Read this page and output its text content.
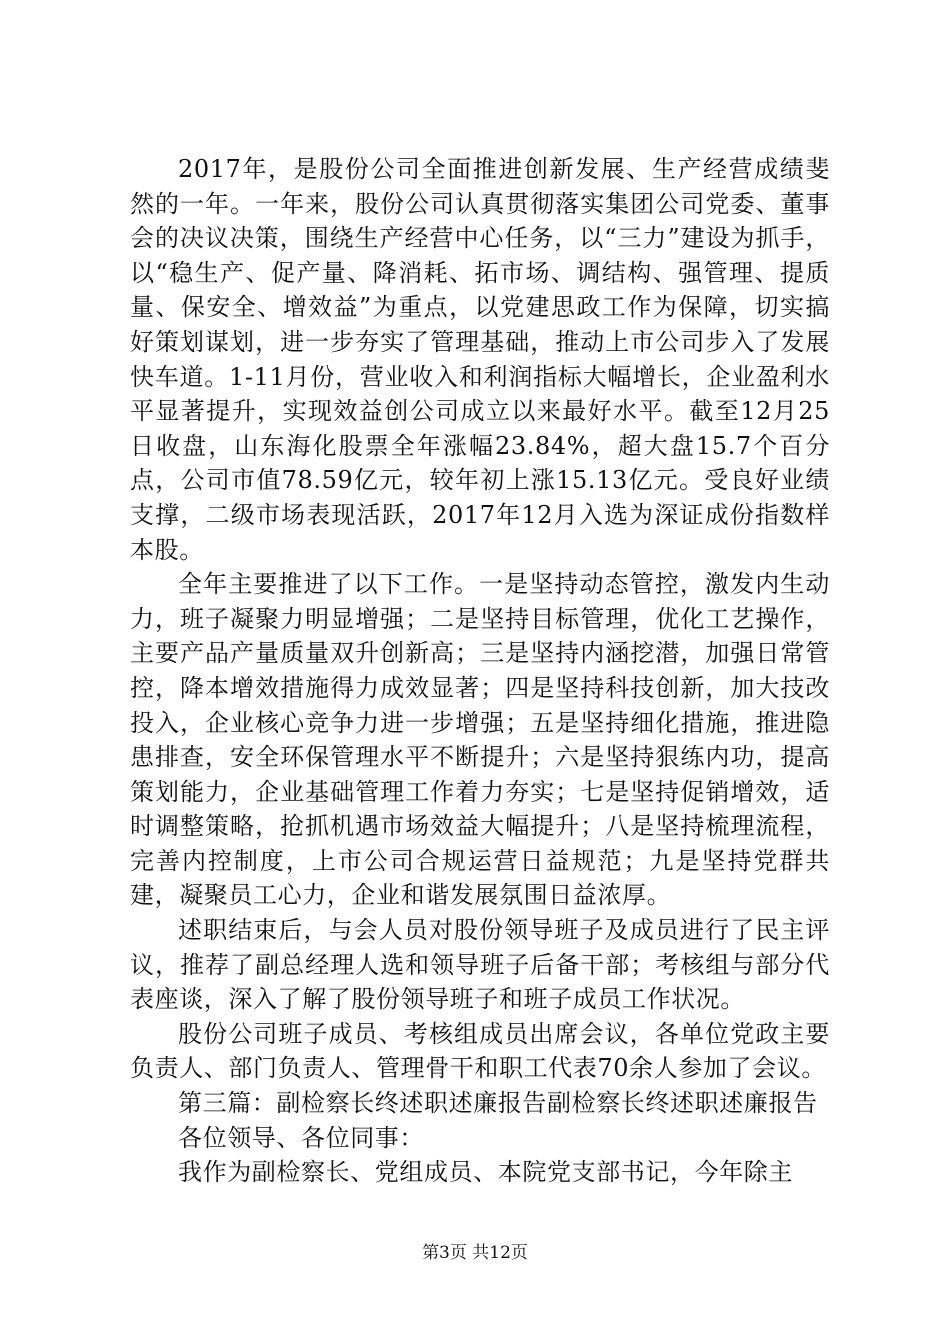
2017年，是股份公司全面推进创新发展、生产经营成绩斐然的一年。一年来，股份公司认真贯彻落实集团公司党委、董事会的决议决策，围绕生产经营中心任务，以“三力”建设为抓手，以“稳生产、促产量、降消耗、拓市场、调结构、强管理、提质量、保安全、增效益”为重点，以党建思政工作为保障，切实搞好策划谋划，进一步夯实了管理基础，推动上市公司步入了发展快车道。1-11月份，营业收入和利润指标大幅增长，企业盈利水平显著提升，实现效益创公司成立以来最好水平。截至12月25日收盘，山东海化股票全年涨幅23.84%，超大盘15.7个百分点，公司市值78.59亿元，较年初上涨15.13亿元。受良好业绩支撑，二级市场表现活跃，2017年12月入选为深证成份指数样本股。

全年主要推进了以下工作。一是坚持动态管控，激发内生动力，班子凝聚力明显增强；二是坚持目标管理，优化工艺操作，主要产品产量质量双升创新高；三是坚持内涵挖潜，加强日常管控，降本增效措施得力成效显著；四是坚持科技创新，加大技改投入，企业核心竞争力进一步增强；五是坚持细化措施，推进隐患排查，安全环保管理水平不断提升；六是坚持狠练内功，提高策划能力，企业基础管理工作着力夯实；七是坚持促销增效，适时调整策略，抢抓机遇市场效益大幅提升；八是坚持梳理流程，完善内控制度，上市公司合规运营日益规范；九是坚持党群共建，凝聚员工心力，企业和谐发展氛围日益浓厚。

述职结束后，与会人员对股份领导班子及成员进行了民主评议，推荐了副总经理人选和领导班子后备干部；考核组与部分代表座谈，深入了解了股份领导班子和班子成员工作状况。

股份公司班子成员、考核组成员出席会议，各单位党政主要负责人、部门负责人、管理骨干和职工代表70余人参加了会议。

第三篇：副检察长终述职述廉报告副检察长终述职述廉报告

各位领导、各位同事：

我作为副检察长、党组成员、本院党支部书记，今年除主

第3页 共12页
